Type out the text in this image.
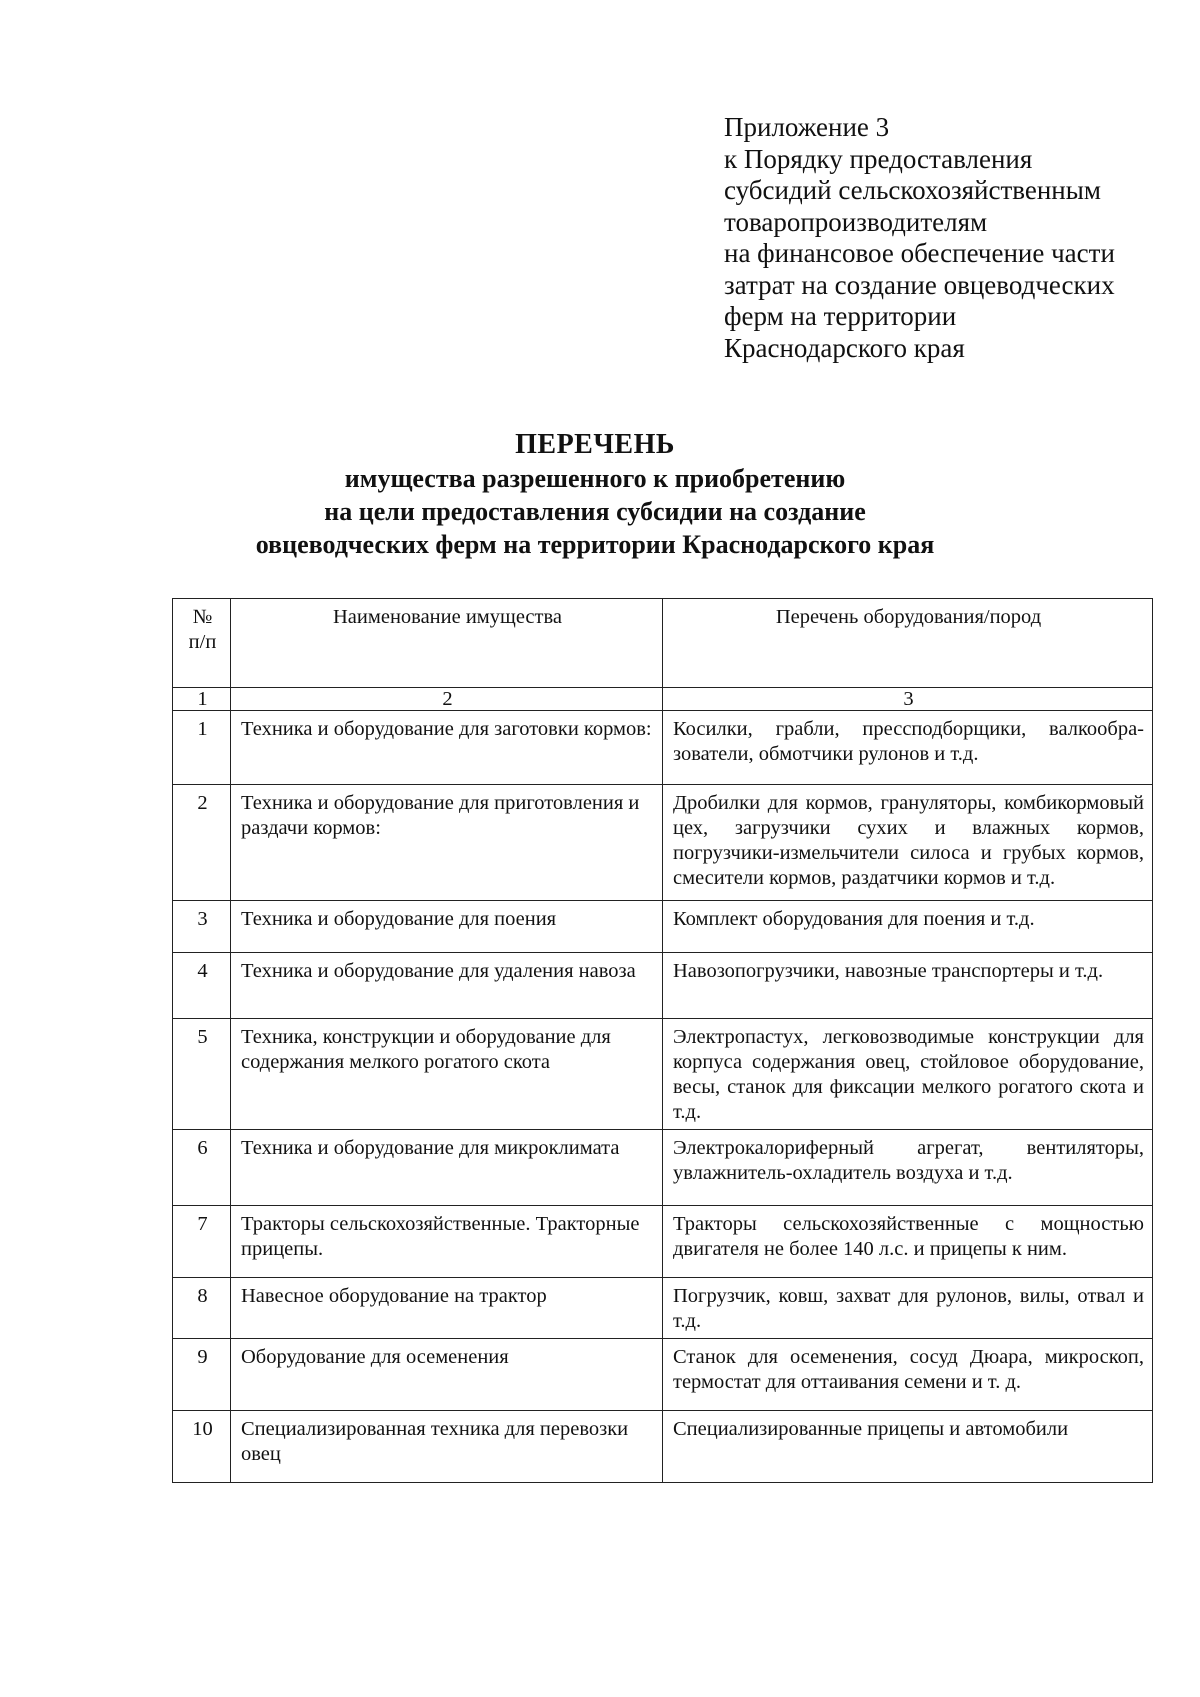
Приложение 3
к Порядку предоставления
субсидий сельскохозяйственным
товаропроизводителям
на финансовое обеспечение части
затрат на создание овцеводческих
ферм на территории
Краснодарского края
ПЕРЕЧЕНЬ
имущества разрешенного к приобретению
на цели предоставления субсидии на создание
овцеводческих ферм на территории Краснодарского края
№
п/п	Наименование имущества	Перечень оборудования/пород
1	2	3
1	Техника и оборудование для заготовки кормов:	Косилки, грабли, прессподборщики, валкообразователи, обмотчики рулонов и т.д.
2	Техника и оборудование для приготовления и раздачи кормов:	Дробилки для кормов, грануляторы, комбикормовый цех, загрузчики сухих и влажных кормов, погрузчики-измельчители силоса и грубых кормов, смесители кормов, раздатчики кормов и т.д.
3	Техника и оборудование для поения	Комплект оборудования для поения и т.д.
4	Техника и оборудование для удаления навоза	Навозопогрузчики, навозные транспортеры и т.д.
5	Техника, конструкции и оборудование для содержания мелкого рогатого скота	Электропастух, легковозводимые конструкции для корпуса содержания овец, стойловое оборудование, весы, станок для фиксации мелкого рогатого скота и т.д.
6	Техника и оборудование для микроклимата	Электрокалориферный агрегат, вентиляторы, увлажнитель-охладитель воздуха и т.д.
7	Тракторы сельскохозяйственные. Тракторные прицепы.	Тракторы сельскохозяйственные с мощностью двигателя не более 140 л.с. и прицепы к ним.
8	Навесное оборудование на трактор	Погрузчик, ковш, захват для рулонов, вилы, отвал и т.д.
9	Оборудование для осеменения	Станок для осеменения, сосуд Дюара, микроскоп, термостат для оттаивания семени и т. д.
10	Специализированная техника для перевозки овец	Специализированные прицепы и автомобили
